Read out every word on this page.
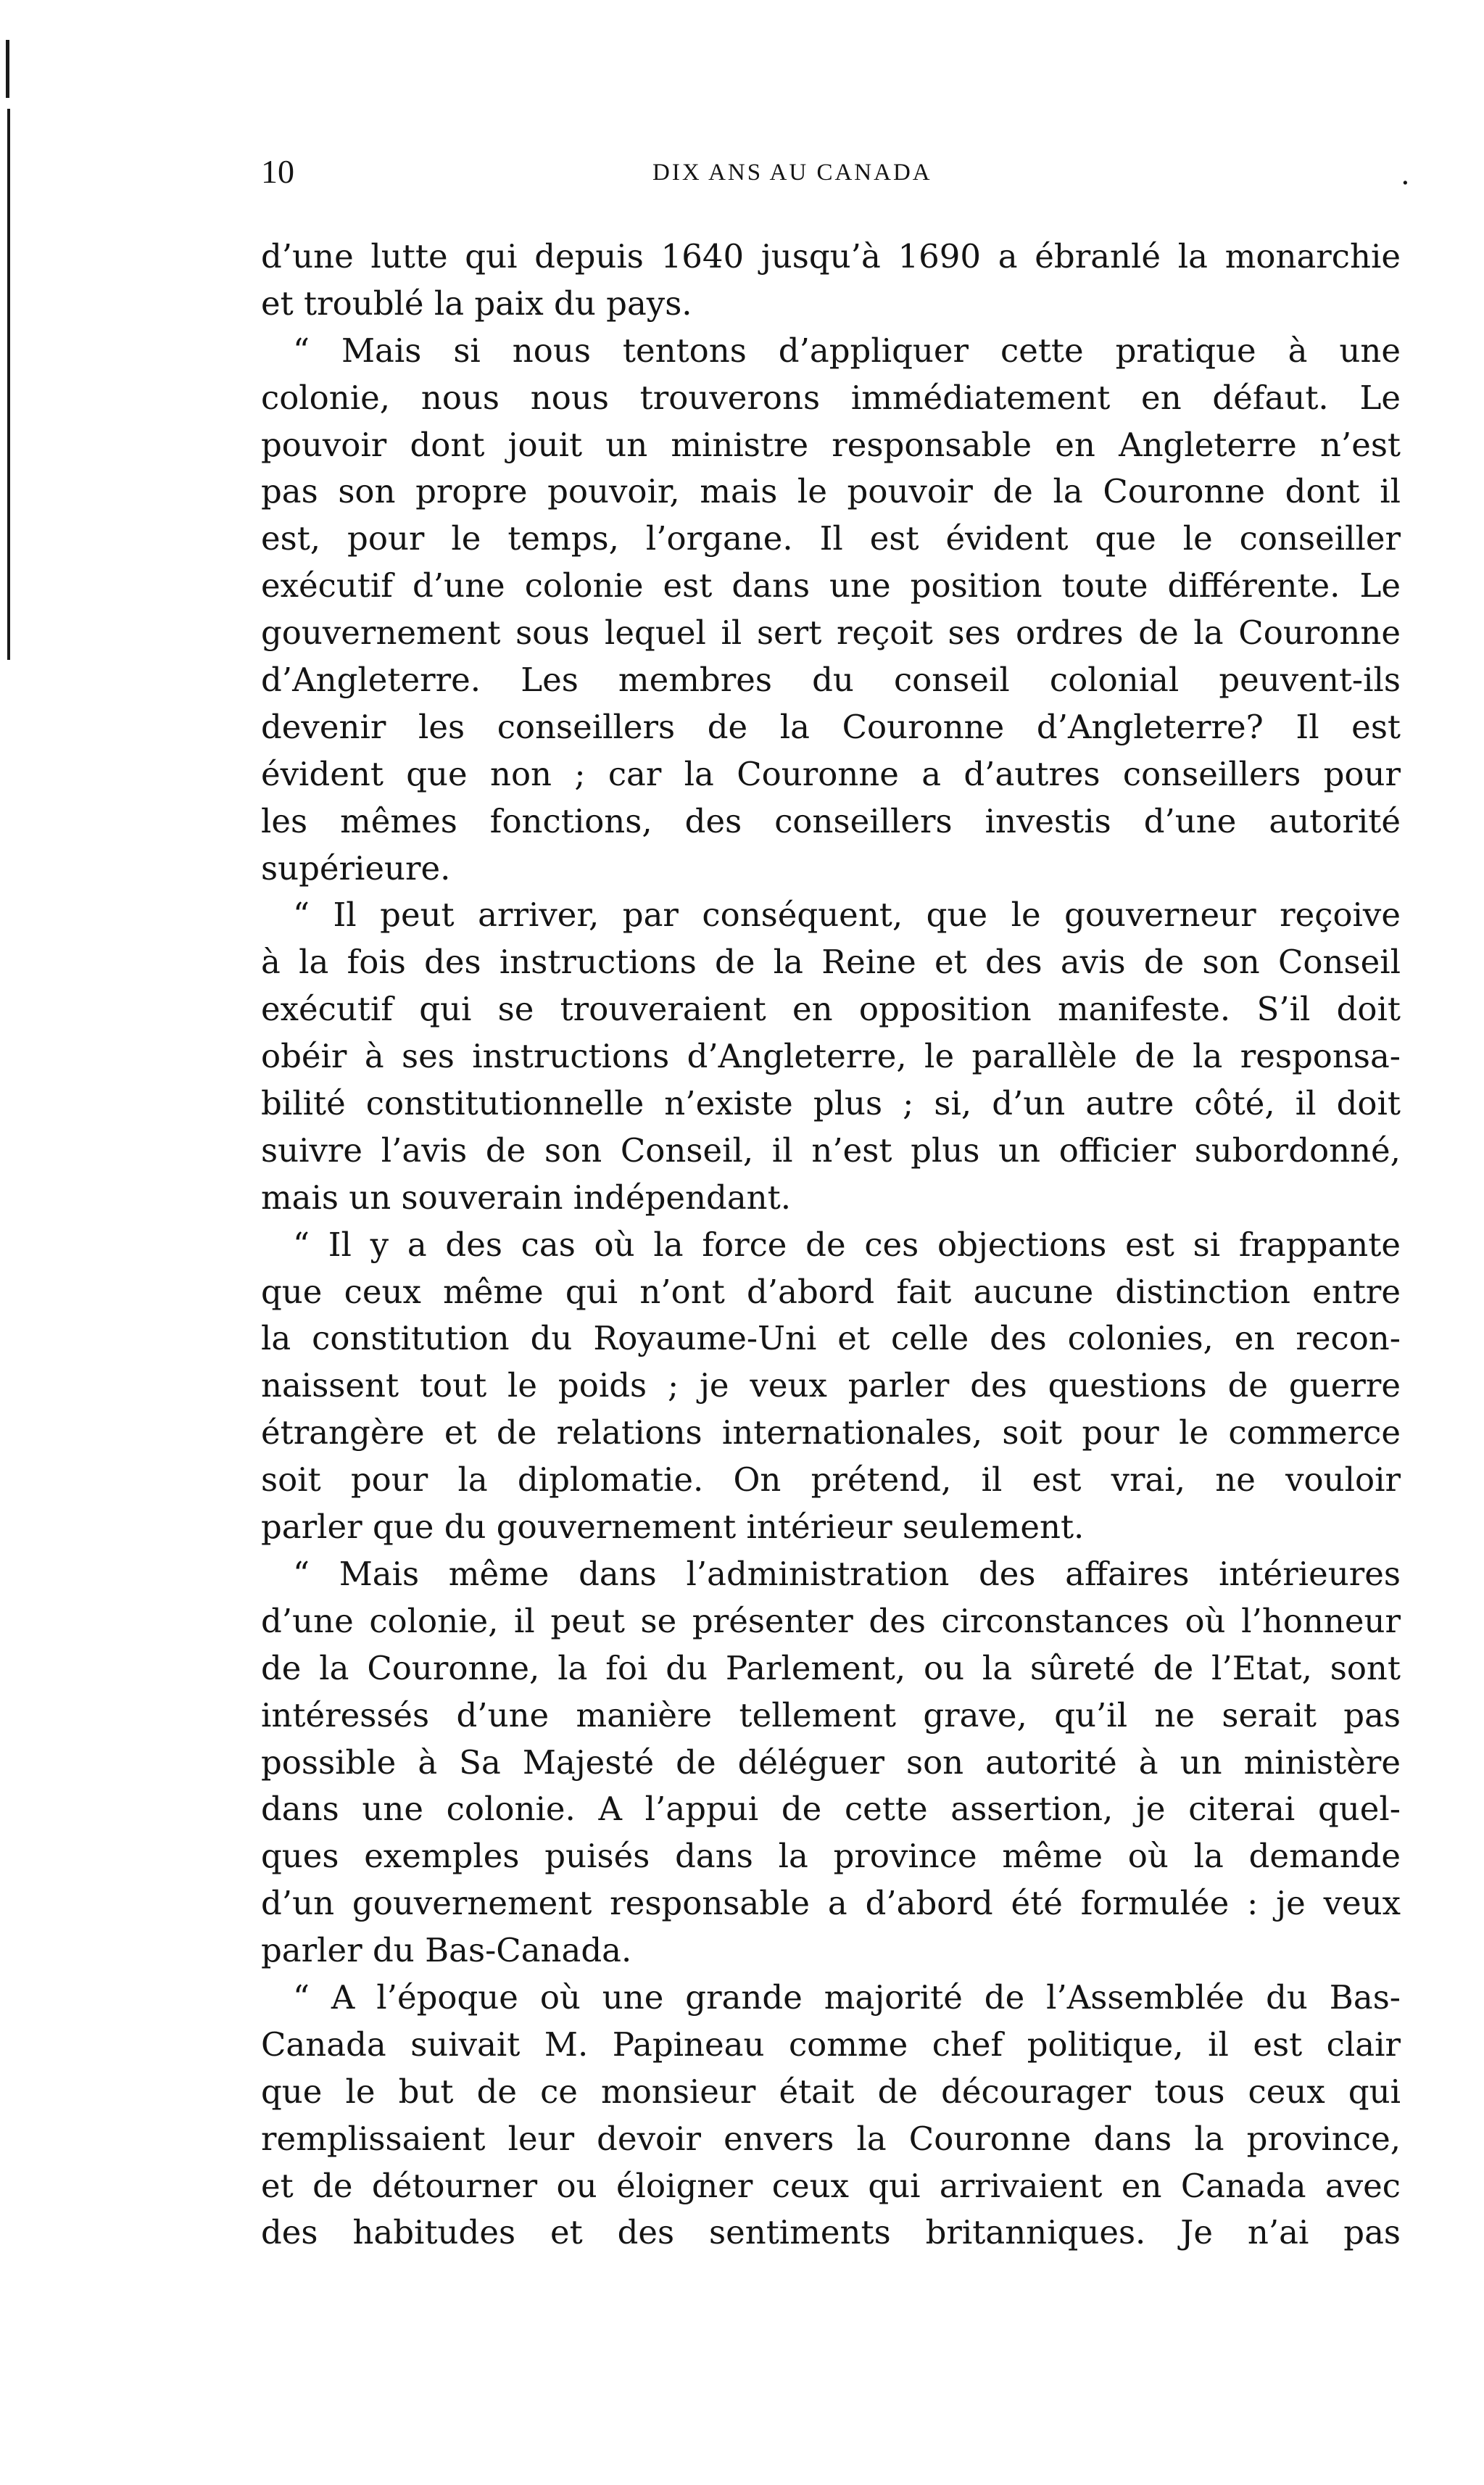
10	DIX ANS AU CANADA	.
d’une lutte qui depuis 1640 jusqu’à 1690 a ébranlé la monarchie
et troublé la paix du pays.
“ Mais si nous tentons d’appliquer cette pratique à une
colonie, nous nous trouverons immédiatement en défaut. Le
pouvoir dont jouit un ministre responsable en Angleterre n’est
pas son propre pouvoir, mais le pouvoir de la Couronne dont il
est, pour le temps, l’organe. Il est évident que le conseiller
exécutif d’une colonie est dans une position toute différente. Le
gouvernement sous lequel il sert reçoit ses ordres de la Couronne
d’Angleterre. Les membres du conseil colonial peuvent-ils
devenir les conseillers de la Couronne d’Angleterre? Il est
évident que non ; car la Couronne a d’autres conseillers pour
les mêmes fonctions, des conseillers investis d’une autorité
supérieure.
“ Il peut arriver, par conséquent, que le gouverneur reçoive
à la fois des instructions de la Reine et des avis de son Conseil
exécutif qui se trouveraient en opposition manifeste. S’il doit
obéir à ses instructions d’Angleterre, le parallèle de la responsa-
bilité constitutionnelle n’existe plus ; si, d’un autre côté, il doit
suivre l’avis de son Conseil, il n’est plus un officier subordonné,
mais un souverain indépendant.
“ Il y a des cas où la force de ces objections est si frappante
que ceux même qui n’ont d’abord fait aucune distinction entre
la constitution du Royaume-Uni et celle des colonies, en recon-
naissent tout le poids ; je veux parler des questions de guerre
étrangère et de relations internationales, soit pour le commerce
soit pour la diplomatie. On prétend, il est vrai, ne vouloir
parler que du gouvernement intérieur seulement.
“ Mais même dans l’administration des affaires intérieures
d’une colonie, il peut se présenter des circonstances où l’honneur
de la Couronne, la foi du Parlement, ou la sûreté de l’Etat, sont
intéressés d’une manière tellement grave, qu’il ne serait pas
possible à Sa Majesté de déléguer son autorité à un ministère
dans une colonie. A l’appui de cette assertion, je citerai quel-
ques exemples puisés dans la province même où la demande
d’un gouvernement responsable a d’abord été formulée : je veux
parler du Bas-Canada.
“ A l’époque où une grande majorité de l’Assemblée du Bas-
Canada suivait M. Papineau comme chef politique, il est clair
que le but de ce monsieur était de décourager tous ceux qui
remplissaient leur devoir envers la Couronne dans la province,
et de détourner ou éloigner ceux qui arrivaient en Canada avec
des habitudes et des sentiments britanniques. Je n’ai pas
